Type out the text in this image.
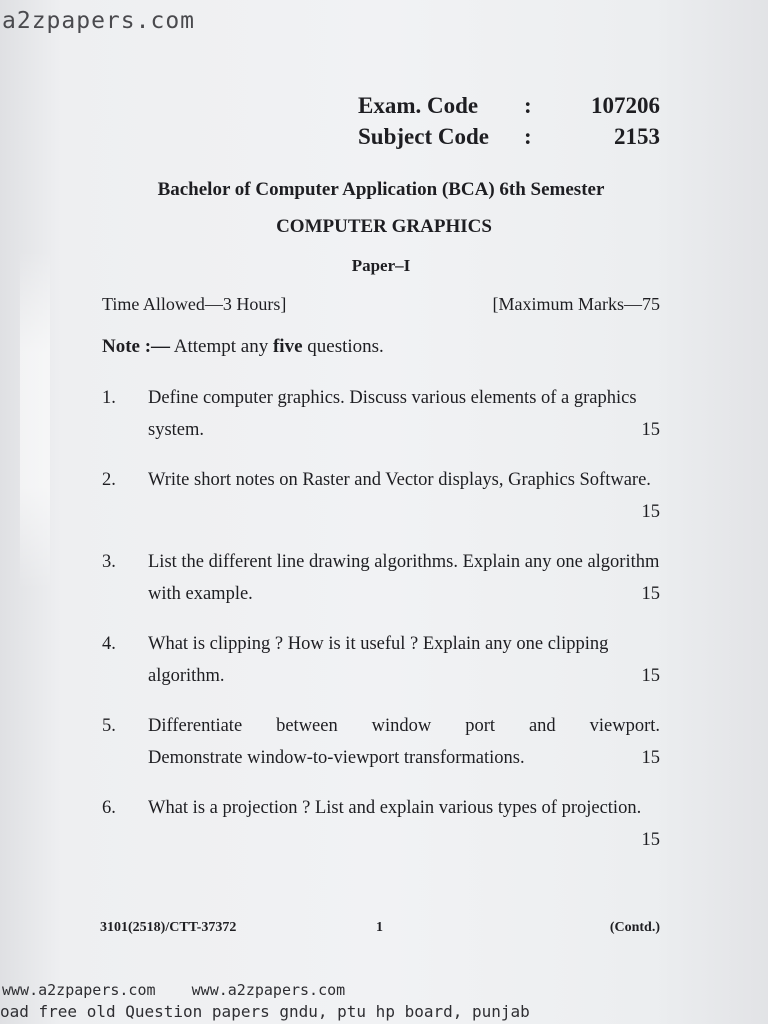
a2zpapers.com
Exam. Code	:	107206
Subject Code	:	2153
Bachelor of Computer Application (BCA) 6th Semester
COMPUTER GRAPHICS
Paper–I
Time Allowed—3 Hours]	[Maximum Marks—75
Note :— Attempt any five questions.
1. Define computer graphics. Discuss various elements of a graphics system.	15
2. Write short notes on Raster and Vector displays, Graphics Software.
15
3. List the different line drawing algorithms. Explain any one algorithm with example.	15
4. What is clipping ? How is it useful ? Explain any one clipping algorithm.	15
5. Differentiate between window port and viewport.
Demonstrate window-to-viewport transformations.	15
6. What is a projection ? List and explain various types of projection.
15
3101(2518)/CTT-37372	1	(Contd.)
www.a2zpapers.com    www.a2zpapers.com
oad free old Question papers gndu, ptu hp board, punjab
